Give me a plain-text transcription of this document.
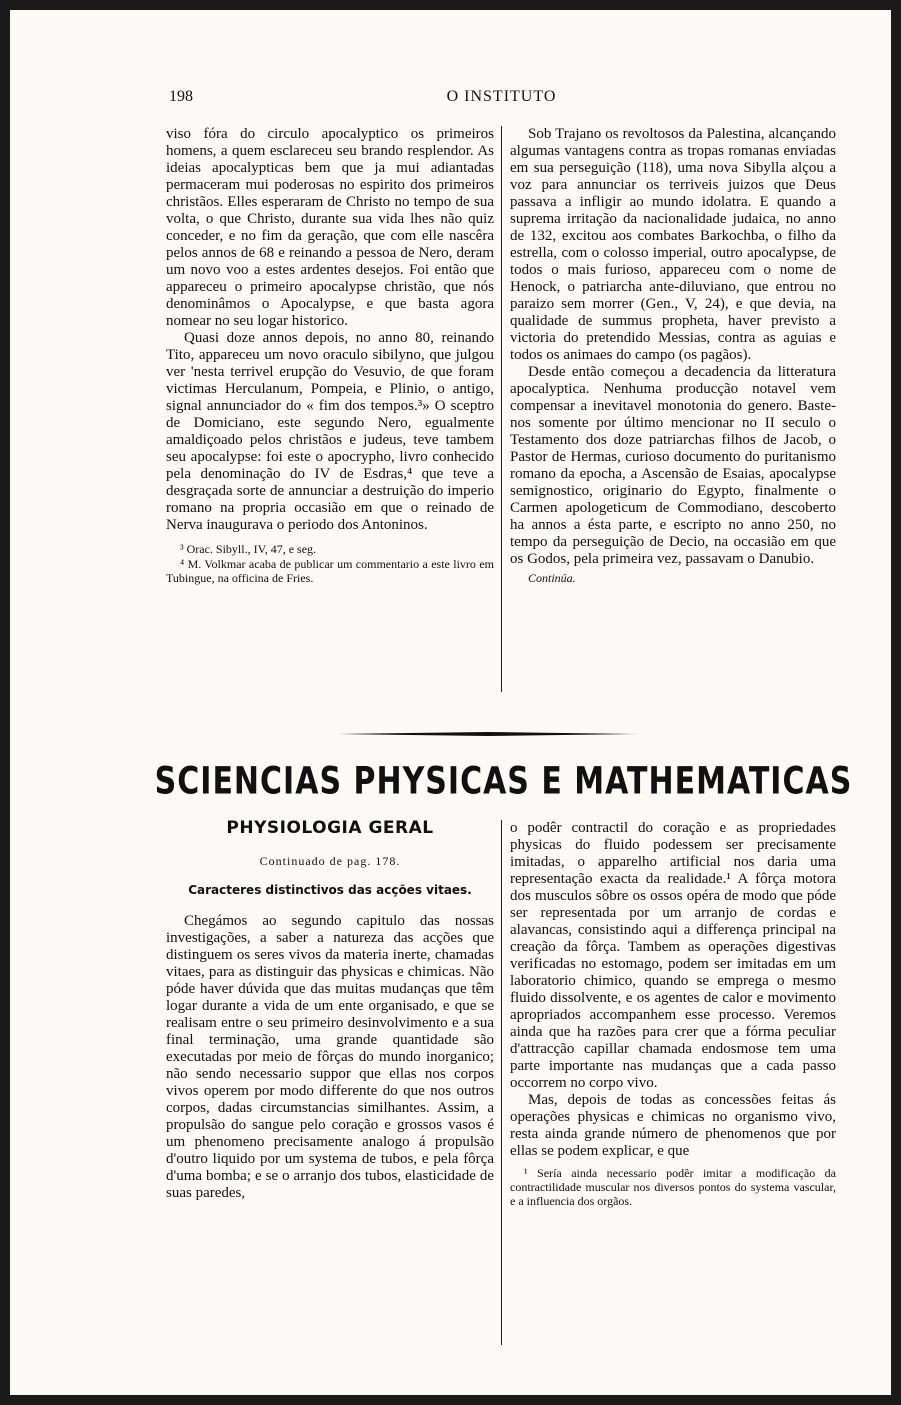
198	O INSTITUTO

viso fóra do circulo apocalyptico os primeiros homens, a quem esclareceu seu brando resplendor. As ideias apocalypticas bem que ja mui adiantadas permaceram mui poderosas no espirito dos primeiros christãos. Elles esperaram de Christo no tempo de sua volta, o que Christo, durante sua vida lhes não quiz conceder, e no fim da geração, que com elle nascêra pelos annos de 68 e reinando a pessoa de Nero, deram um novo voo a estes ardentes desejos. Foi então que appareceu o primeiro apocalypse christão, que nós denominâmos o Apocalypse, e que basta agora nomear no seu logar historico.

Quasi doze annos depois, no anno 80, reinando Tito, appareceu um novo oraculo sibilyno, que julgou ver 'nesta terrivel erupção do Vesuvio, de que foram victimas Herculanum, Pompeia, e Plinio, o antigo, signal annunciador do « fim dos tempos.³» O sceptro de Domiciano, este segundo Nero, egualmente amaldiçoado pelos christãos e judeus, teve tambem seu apocalypse: foi este o apocrypho, livro conhecido pela denominação do IV de Esdras,⁴ que teve a desgraçada sorte de annunciar a destruição do imperio romano na propria occasião em que o reinado de Nerva inaugurava o periodo dos Antoninos.

³ Orac. Sibyll., IV, 47, e seg.

⁴ M. Volkmar acaba de publicar um commentario a este livro em Tubingue, na officina de Fries.

Sob Trajano os revoltosos da Palestina, alcançando algumas vantagens contra as tropas romanas enviadas em sua perseguição (118), uma nova Sibylla alçou a voz para annunciar os terriveis juizos que Deus passava a infligir ao mundo idolatra. E quando a suprema irritação da nacionalidade judaica, no anno de 132, excitou aos combates Barkochba, o filho da estrella, com o colosso imperial, outro apocalypse, de todos o mais furioso, appareceu com o nome de Henock, o patriarcha ante-diluviano, que entrou no paraizo sem morrer (Gen., V, 24), e que devia, na qualidade de summus propheta, haver previsto a victoria do pretendido Messias, contra as aguias e todos os animaes do campo (os pagãos).

Desde então começou a decadencia da litteratura apocalyptica. Nenhuma producção notavel vem compensar a inevitavel monotonia do genero. Baste-nos somente por último mencionar no II seculo o Testamento dos doze patriarchas filhos de Jacob, o Pastor de Hermas, curioso documento do puritanismo romano da epocha, a Ascensão de Esaias, apocalypse semignostico, originario do Egypto, finalmente o Carmen apologeticum de Commodiano, descoberto ha annos a ésta parte, e escripto no anno 250, no tempo da perseguição de Decio, na occasião em que os Godos, pela primeira vez, passavam o Danubio.

Continúa.
SCIENCIAS PHYSICAS E MATHEMATICAS
PHYSIOLOGIA GERAL
Continuado de pag. 178.
Caracteres distinctivos das acções vitaes.

Chegámos ao segundo capitulo das nossas investigações, a saber a natureza das acções que distinguem os seres vivos da materia inerte, chamadas vitaes, para as distinguir das physicas e chimicas. Não póde haver dúvida que das muitas mudanças que têm logar durante a vida de um ente organisado, e que se realisam entre o seu primeiro desinvolvimento e a sua final terminação, uma grande quantidade são executadas por meio de fôrças do mundo inorganico; não sendo necessario suppor que ellas nos corpos vivos operem por modo differente do que nos outros corpos, dadas circumstancias similhantes. Assim, a propulsão do sangue pelo coração e grossos vasos é um phenomeno precisamente analogo á propulsão d'outro liquido por um systema de tubos, e pela fôrça d'uma bomba; e se o arranjo dos tubos, elasticidade de suas paredes,

o podêr contractil do coração e as propriedades physicas do fluido podessem ser precisamente imitadas, o apparelho artificial nos daria uma representação exacta da realidade.¹ A fôrça motora dos musculos sôbre os ossos opéra de modo que póde ser representada por um arranjo de cordas e alavancas, consistindo aqui a differença principal na creação da fôrça. Tambem as operações digestivas verificadas no estomago, podem ser imitadas em um laboratorio chimico, quando se emprega o mesmo fluido dissolvente, e os agentes de calor e movimento apropriados accompanhem esse processo. Veremos ainda que ha razões para crer que a fórma peculiar d'attracção capillar chamada endosmose tem uma parte importante nas mudanças que a cada passo occorrem no corpo vivo.

Mas, depois de todas as concessões feitas ás operações physicas e chimicas no organismo vivo, resta ainda grande número de phenomenos que por ellas se podem explicar, e que

¹ Sería ainda necessario podêr imitar a modificação da contractilidade muscular nos diversos pontos do systema vascular, e a influencia dos orgãos.
